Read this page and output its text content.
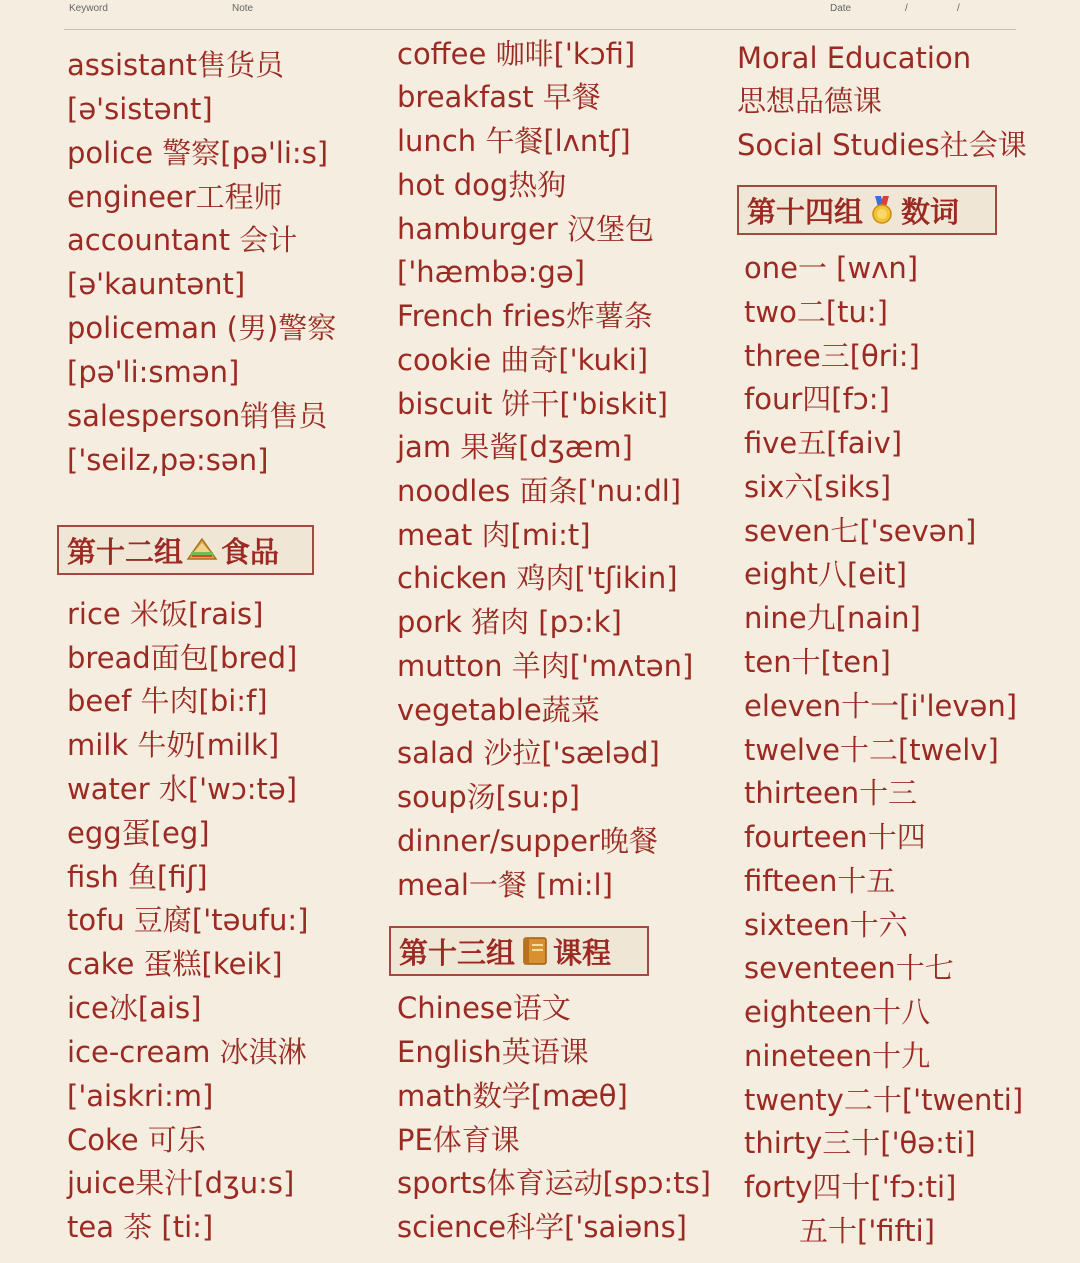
Keyword	Note	Date	/	/
assistant售货员
[ə'sistənt]
police 警察[pə'li:s]
engineer工程师
accountant 会计
[ə'kauntənt]
policeman (男)警察
[pə'li:smən]
salesperson销售员
['seilz,pə:sən]
第十二组 食品
rice 米饭[rais]
bread面包[bred]
beef 牛肉[bi:f]
milk 牛奶[milk]
water 水['wɔ:tə]
egg蛋[eg]
fish 鱼[fiʃ]
tofu 豆腐['təufu:]
cake 蛋糕[keik]
ice冰[ais]
ice-cream 冰淇淋
['aiskri:m]
Coke 可乐
juice果汁[dʒu:s]
tea 茶 [ti:]
coffee 咖啡['kɔfi]
breakfast 早餐
lunch 午餐[lʌntʃ]
hot dog热狗
hamburger 汉堡包
['hæmbə:gə]
French fries炸薯条
cookie 曲奇['kuki]
biscuit 饼干['biskit]
jam 果酱[dʒæm]
noodles 面条['nu:dl]
meat 肉[mi:t]
chicken 鸡肉['tʃikin]
pork 猪肉 [pɔ:k]
mutton 羊肉['mʌtən]
vegetable蔬菜
salad 沙拉['sæləd]
soup汤[su:p]
dinner/supper晚餐
meal一餐 [mi:l]
第十三组 课程
Chinese语文
English英语课
math数学[mæθ]
PE体育课
sports体育运动[spɔ:ts]
science科学['saiəns]
Moral Education
思想品德课
Social Studies社会课
第十四组 数词
one一 [wʌn]
two二[tu:]
three三[θri:]
four四[fɔ:]
five五[faiv]
six六[siks]
seven七['sevən]
eight八[eit]
nine九[nain]
ten十[ten]
eleven十一[i'levən]
twelve十二[twelv]
thirteen十三
fourteen十四
fifteen十五
sixteen十六
seventeen十七
eighteen十八
nineteen十九
twenty二十['twenti]
thirty三十['θə:ti]
forty四十['fɔ:ti]
五十['fifti]
